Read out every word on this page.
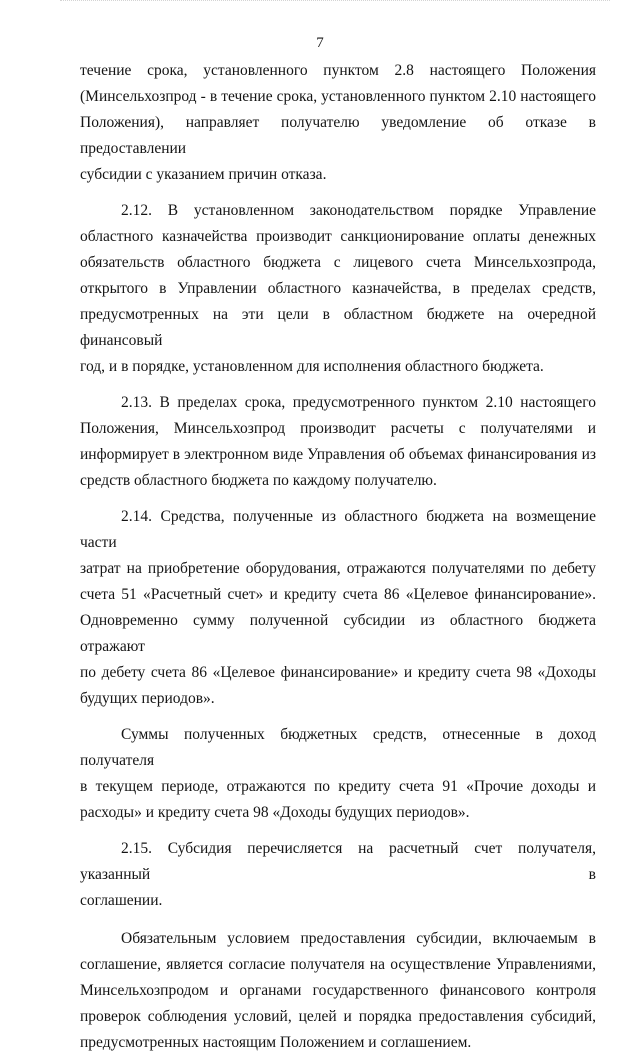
7

течение срока, установленного пунктом 2.8 настоящего Положения

(Минсельхозпрод - в течение срока, установленного пунктом 2.10 настоящего

Положения), направляет получателю уведомление об отказе в предоставлении

субсидии с указанием причин отказа.

2.12. В установленном законодательством порядке Управление

областного казначейства производит санкционирование оплаты денежных

обязательств областного бюджета с лицевого счета Минсельхозпрода,

открытого в Управлении областного казначейства, в пределах средств,

предусмотренных на эти цели в областном бюджете на очередной финансовый

год, и в порядке, установленном для исполнения областного бюджета.

2.13. В пределах срока, предусмотренного пунктом 2.10 настоящего

Положения, Минсельхозпрод производит расчеты с получателями и

информирует в электронном виде Управления об объемах финансирования из

средств областного бюджета по каждому получателю.

2.14. Средства, полученные из областного бюджета на возмещение части

затрат на приобретение оборудования, отражаются получателями по дебету

счета 51 «Расчетный счет» и кредиту счета 86 «Целевое финансирование».

Одновременно сумму полученной субсидии из областного бюджета отражают

по дебету счета 86 «Целевое финансирование» и кредиту счета 98 «Доходы

будущих периодов».

Суммы полученных бюджетных средств, отнесенные в доход получателя

в текущем периоде, отражаются по кредиту счета 91 «Прочие доходы и

расходы» и кредиту счета 98 «Доходы будущих периодов».

2.15. Субсидия перечисляется на расчетный счет получателя, указанный в

соглашении.

Обязательным условием предоставления субсидии, включаемым в

соглашение, является согласие получателя на осуществление Управлениями,

Минсельхозпродом и органами государственного финансового контроля

проверок соблюдения условий, целей и порядка предоставления субсидий,

предусмотренных настоящим Положением и соглашением.
